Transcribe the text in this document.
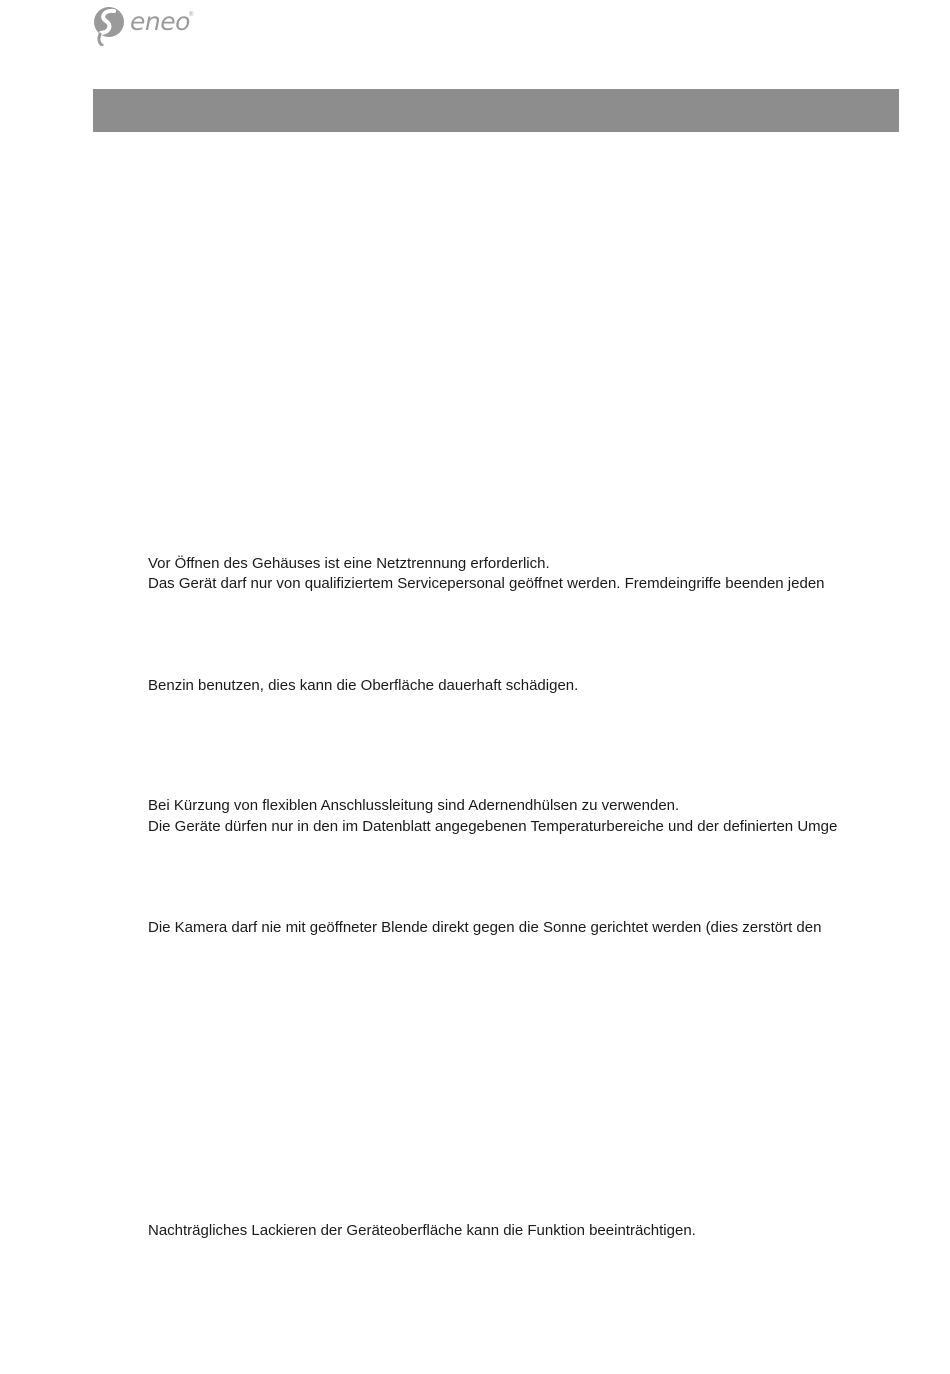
eneo ®
Vor Öffnen des Gehäuses ist eine Netztrennung erforderlich.
Das Gerät darf nur von qualifiziertem Servicepersonal geöffnet werden. Fremdeingriffe beenden jeden
Benzin benutzen, dies kann die Oberfläche dauerhaft schädigen.
Bei Kürzung von flexiblen Anschlussleitung sind Adernendhülsen zu verwenden.
Die Geräte dürfen nur in den im Datenblatt angegebenen Temperaturbereiche und der definierten Umge
Die Kamera darf nie mit geöffneter Blende direkt gegen die Sonne gerichtet werden (dies zerstört den
Nachträgliches Lackieren der Geräteoberfläche kann die Funktion beeinträchtigen.
